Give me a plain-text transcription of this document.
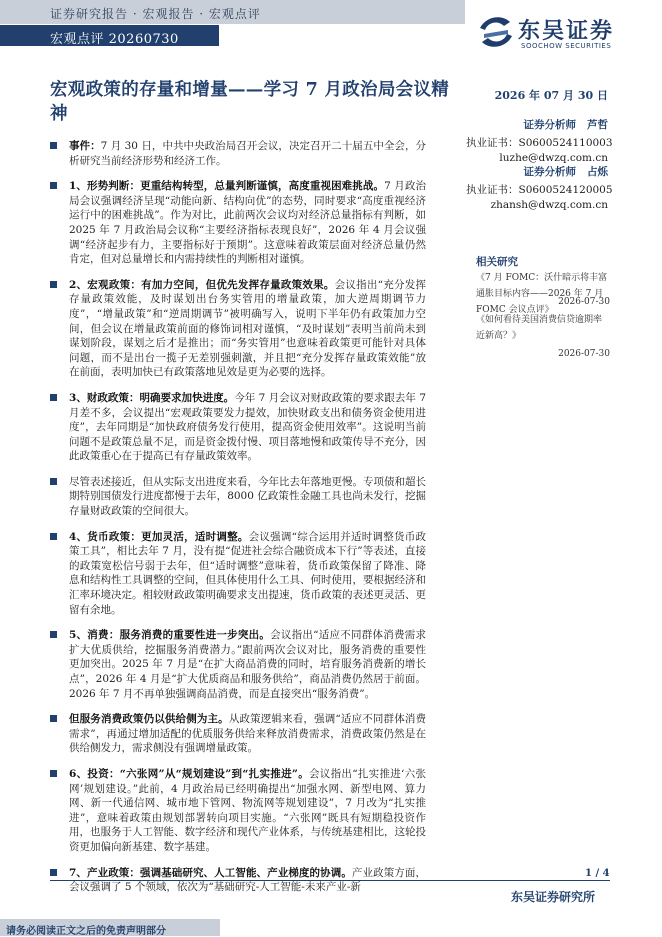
证券研究报告 · 宏观报告 · 宏观点评
宏观点评 20260730	东吴证券
SOOCHOW SECURITIES
宏观政策的存量和增量——学习 7 月政治局会议精神
2026 年 07 月 30 日
证券分析师 芦哲
执业证书：S0600524110003
luzhe@dwzq.com.cn
证券分析师 占烁
执业证书：S0600524120005
zhansh@dwzq.com.cn
相关研究
《7 月 FOMC：沃什暗示将丰富通胀目标内容——2026 年 7 月 FOMC 会议点评》
2026-07-30
《如何看待美国消费信贷逾期率近新高？》
2026-07-30
事件：7 月 30 日，中共中央政治局召开会议，决定召开二十届五中全会，分析研究当前经济形势和经济工作。
1、形势判断：更重结构转型，总量判断谨慎，高度重视困难挑战。7 月政治局会议强调经济呈现“动能向新、结构向优”的态势，同时要求“高度重视经济运行中的困难挑战”。作为对比，此前两次会议均对经济总量指标有判断，如 2025 年 7 月政治局会议称“主要经济指标表现良好”，2026 年 4 月会议强调“经济起步有力，主要指标好于预期”。这意味着政策层面对经济总量仍然肯定，但对总量增长和内需持续性的判断相对谨慎。
2、宏观政策：有加力空间，但优先发挥存量政策效果。会议指出“充分发挥存量政策效能，及时谋划出台务实管用的增量政策，加大逆周期调节力度”，“增量政策”和“逆周期调节”被明确写入，说明下半年仍有政策加力空间，但会议在增量政策前面的修饰词相对谨慎，“及时谋划”表明当前尚未到谋划阶段，谋划之后才是推出；而“务实管用”也意味着政策更可能针对具体问题，而不是出台一揽子无差别强刺激，并且把“充分发挥存量政策效能”放在前面，表明加快已有政策落地见效是更为必要的选择。
3、财政政策：明确要求加快进度。今年 7 月会议对财政政策的要求跟去年 7 月差不多，会议提出“宏观政策要发力提效，加快财政支出和债务资金使用进度”，去年同期是“加快政府债务发行使用，提高资金使用效率”。这说明当前问题不是政策总量不足，而是资金拨付慢、项目落地慢和政策传导不充分，因此政策重心在于提高已有存量政策效率。
尽管表述接近，但从实际支出进度来看，今年比去年落地更慢。专项债和超长期特别国债发行进度都慢于去年，8000 亿政策性金融工具也尚未发行，挖掘存量财政政策的空间很大。
4、货币政策：更加灵活，适时调整。会议强调“综合运用并适时调整货币政策工具”，相比去年 7 月，没有提“促进社会综合融资成本下行”等表述，直接的政策宽松信号弱于去年，但“适时调整”意味着，货币政策保留了降准、降息和结构性工具调整的空间，但具体使用什么工具、何时使用，要根据经济和汇率环境决定。相较财政政策明确要求支出提速，货币政策的表述更灵活、更留有余地。
5、消费：服务消费的重要性进一步突出。会议指出“适应不同群体消费需求扩大优质供给，挖掘服务消费潜力。”跟前两次会议对比，服务消费的重要性更加突出。2025 年 7 月是“在扩大商品消费的同时，培育服务消费新的增长点”，2026 年 4 月是“扩大优质商品和服务供给”，商品消费仍然居于前面。2026 年 7 月不再单独强调商品消费，而是直接突出“服务消费”。
但服务消费政策仍以供给侧为主。从政策逻辑来看，强调“适应不同群体消费需求”，再通过增加适配的优质服务供给来释放消费需求，消费政策仍然是在供给侧发力，需求侧没有强调增量政策。
6、投资：“六张网”从“规划建设”到“扎实推进”。会议指出“扎实推进‘六张网’规划建设。”此前，4 月政治局已经明确提出“加强水网、新型电网、算力网、新一代通信网、城市地下管网、物流网等规划建设”，7 月改为“扎实推进”，意味着政策由规划部署转向项目实施。“六张网”既具有短期稳投资作用，也服务于人工智能、数字经济和现代产业体系，与传统基建相比，这轮投资更加偏向新基建、数字基建。
7、产业政策：强调基础研究、人工智能、产业梯度的协调。产业政策方面，会议强调了 5 个领域，依次为“基础研究-人工智能-未来产业-新
1 / 4
东吴证券研究所
请务必阅读正文之后的免责声明部分
